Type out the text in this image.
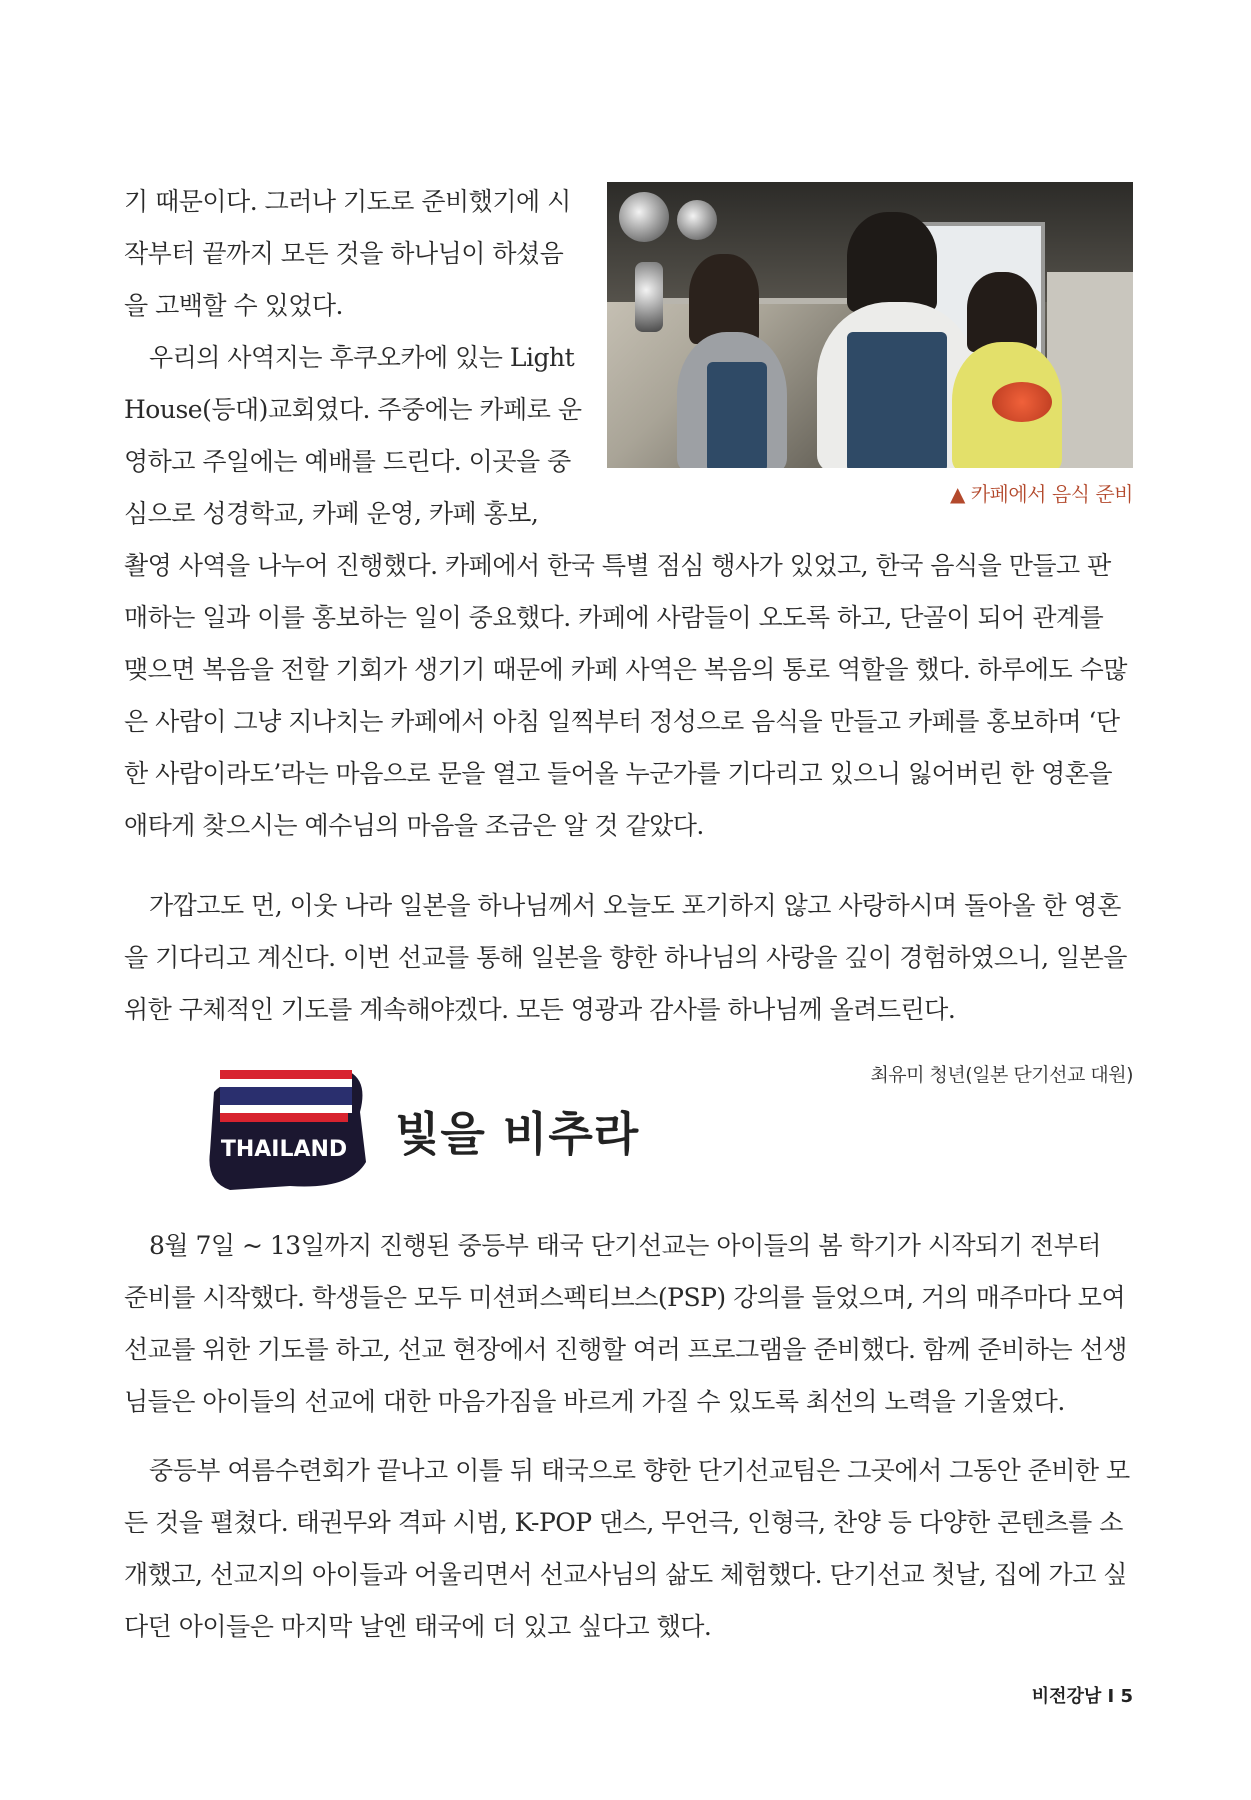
기 때문이다. 그러나 기도로 준비했기에 시작부터 끝까지 모든 것을 하나님이 하셨음을 고백할 수 있었다.

우리의 사역지는 후쿠오카에 있는 Light House(등대)교회였다. 주중에는 카페로 운영하고 주일에는 예배를 드린다. 이곳을 중심으로 성경학교, 카페 운영, 카페 홍보,

▲ 카페에서 음식 준비

촬영 사역을 나누어 진행했다. 카페에서 한국 특별 점심 행사가 있었고, 한국 음식을 만들고 판매하는 일과 이를 홍보하는 일이 중요했다. 카페에 사람들이 오도록 하고, 단골이 되어 관계를 맺으면 복음을 전할 기회가 생기기 때문에 카페 사역은 복음의 통로 역할을 했다. 하루에도 수많은 사람이 그냥 지나치는 카페에서 아침 일찍부터 정성으로 음식을 만들고 카페를 홍보하며 ‘단 한 사람이라도’라는 마음으로 문을 열고 들어올 누군가를 기다리고 있으니 잃어버린 한 영혼을 애타게 찾으시는 예수님의 마음을 조금은 알 것 같았다.

가깝고도 먼, 이웃 나라 일본을 하나님께서 오늘도 포기하지 않고 사랑하시며 돌아올 한 영혼을 기다리고 계신다. 이번 선교를 통해 일본을 향한 하나님의 사랑을 깊이 경험하였으니, 일본을 위한 구체적인 기도를 계속해야겠다. 모든 영광과 감사를 하나님께 올려드린다.

최유미 청년(일본 단기선교 대원)

THAILAND 빛을 비추라

8월 7일 ~ 13일까지 진행된 중등부 태국 단기선교는 아이들의 봄 학기가 시작되기 전부터 준비를 시작했다. 학생들은 모두 미션퍼스펙티브스(PSP) 강의를 들었으며, 거의 매주마다 모여 선교를 위한 기도를 하고, 선교 현장에서 진행할 여러 프로그램을 준비했다. 함께 준비하는 선생님들은 아이들의 선교에 대한 마음가짐을 바르게 가질 수 있도록 최선의 노력을 기울였다.

중등부 여름수련회가 끝나고 이틀 뒤 태국으로 향한 단기선교팀은 그곳에서 그동안 준비한 모든 것을 펼쳤다. 태권무와 격파 시범, K-POP 댄스, 무언극, 인형극, 찬양 등 다양한 콘텐츠를 소개했고, 선교지의 아이들과 어울리면서 선교사님의 삶도 체험했다. 단기선교 첫날, 집에 가고 싶다던 아이들은 마지막 날엔 태국에 더 있고 싶다고 했다.

비전강남 I 5
